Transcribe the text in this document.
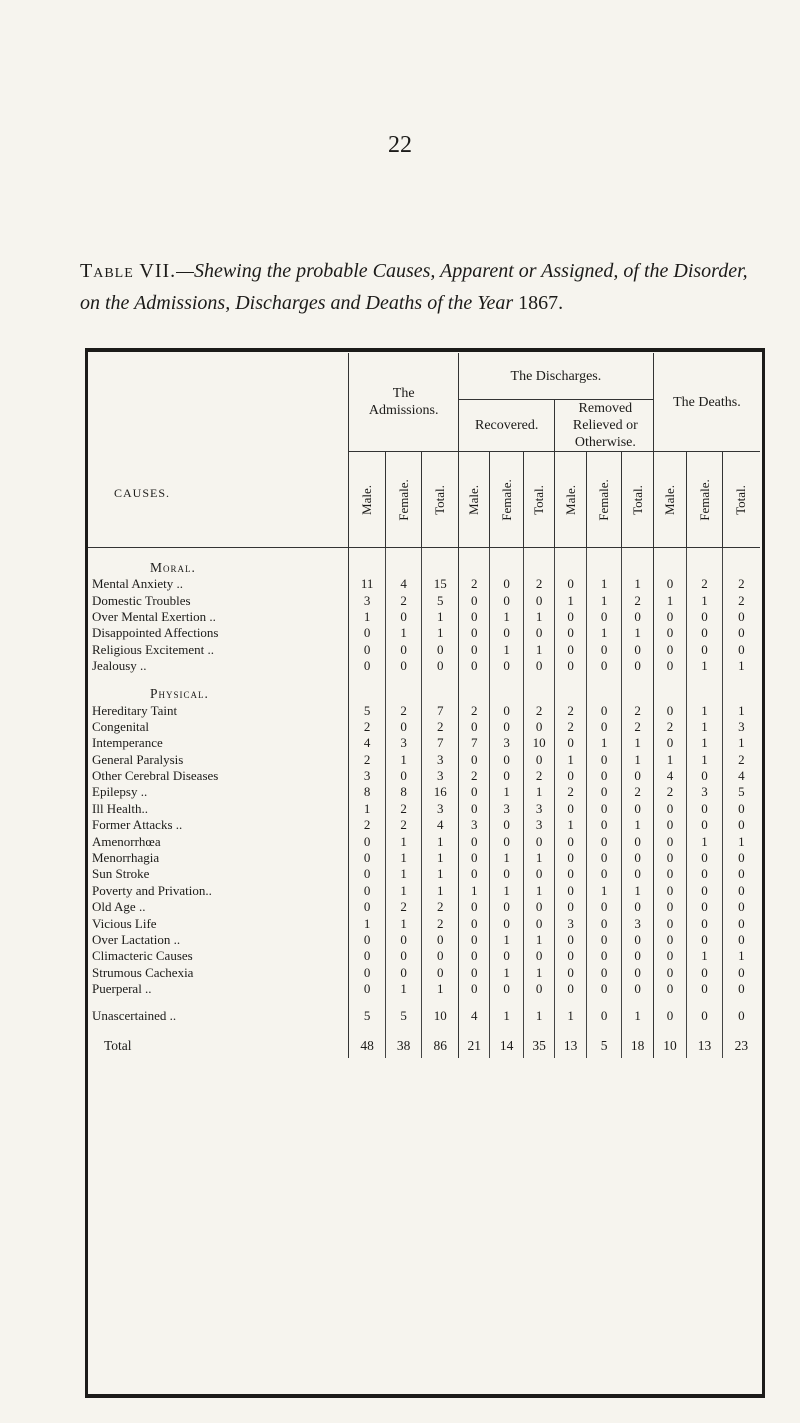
22
Table VII.—Shewing the probable Causes, Apparent or Assigned, of the Disorder, on the Admissions, Discharges and Deaths of the Year 1867.
CAUSES.	The Admissions.			The Discharges.						The Deaths.		
				Recovered.			Removed Relieved or Otherwise.					

	Male.	Female.	Total.	Male.	Female.	Total.	Male.	Female.	Total.	Male.	Female.	Total.

Moral.												
Mental Anxiety ..	11	4	15	2	0	2	0	1	1	0	2	2
Domestic Troubles	3	2	5	0	0	0	1	1	2	1	1	2
Over Mental Exertion ..	1	0	1	0	1	1	0	0	0	0	0	0
Disappointed Affections	0	1	1	0	0	0	0	1	1	0	0	0
Religious Excitement ..	0	0	0	0	1	1	0	0	0	0	0	0
Jealousy ..	0	0	0	0	0	0	0	0	0	0	1	1
Physical.												
Hereditary Taint	5	2	7	2	0	2	2	0	2	0	1	1
Congenital	2	0	2	0	0	0	2	0	2	2	1	3
Intemperance	4	3	7	7	3	10	0	1	1	0	1	1
General Paralysis	2	1	3	0	0	0	1	0	1	1	1	2
Other Cerebral Diseases	3	0	3	2	0	2	0	0	0	4	0	4
Epilepsy ..	8	8	16	0	1	1	2	0	2	2	3	5
Ill Health..	1	2	3	0	3	3	0	0	0	0	0	0
Former Attacks ..	2	2	4	3	0	3	1	0	1	0	0	0
Amenorrhœa	0	1	1	0	0	0	0	0	0	0	1	1
Menorrhagia	0	1	1	0	1	1	0	0	0	0	0	0
Sun Stroke	0	1	1	0	0	0	0	0	0	0	0	0
Poverty and Privation..	0	1	1	1	1	1	0	1	1	0	0	0
Old Age ..	0	2	2	0	0	0	0	0	0	0	0	0
Vicious Life	1	1	2	0	0	0	3	0	3	0	0	0
Over Lactation ..	0	0	0	0	1	1	0	0	0	0	0	0
Climacteric Causes	0	0	0	0	0	0	0	0	0	0	1	1
Strumous Cachexia	0	0	0	0	1	1	0	0	0	0	0	0
Puerperal ..	0	1	1	0	0	0	0	0	0	0	0	0

Unascertained ..	5	5	10	4	1	1	1	0	1	0	0	0
Total	48	38	86	21	14	35	13	5	18	10	13	23
